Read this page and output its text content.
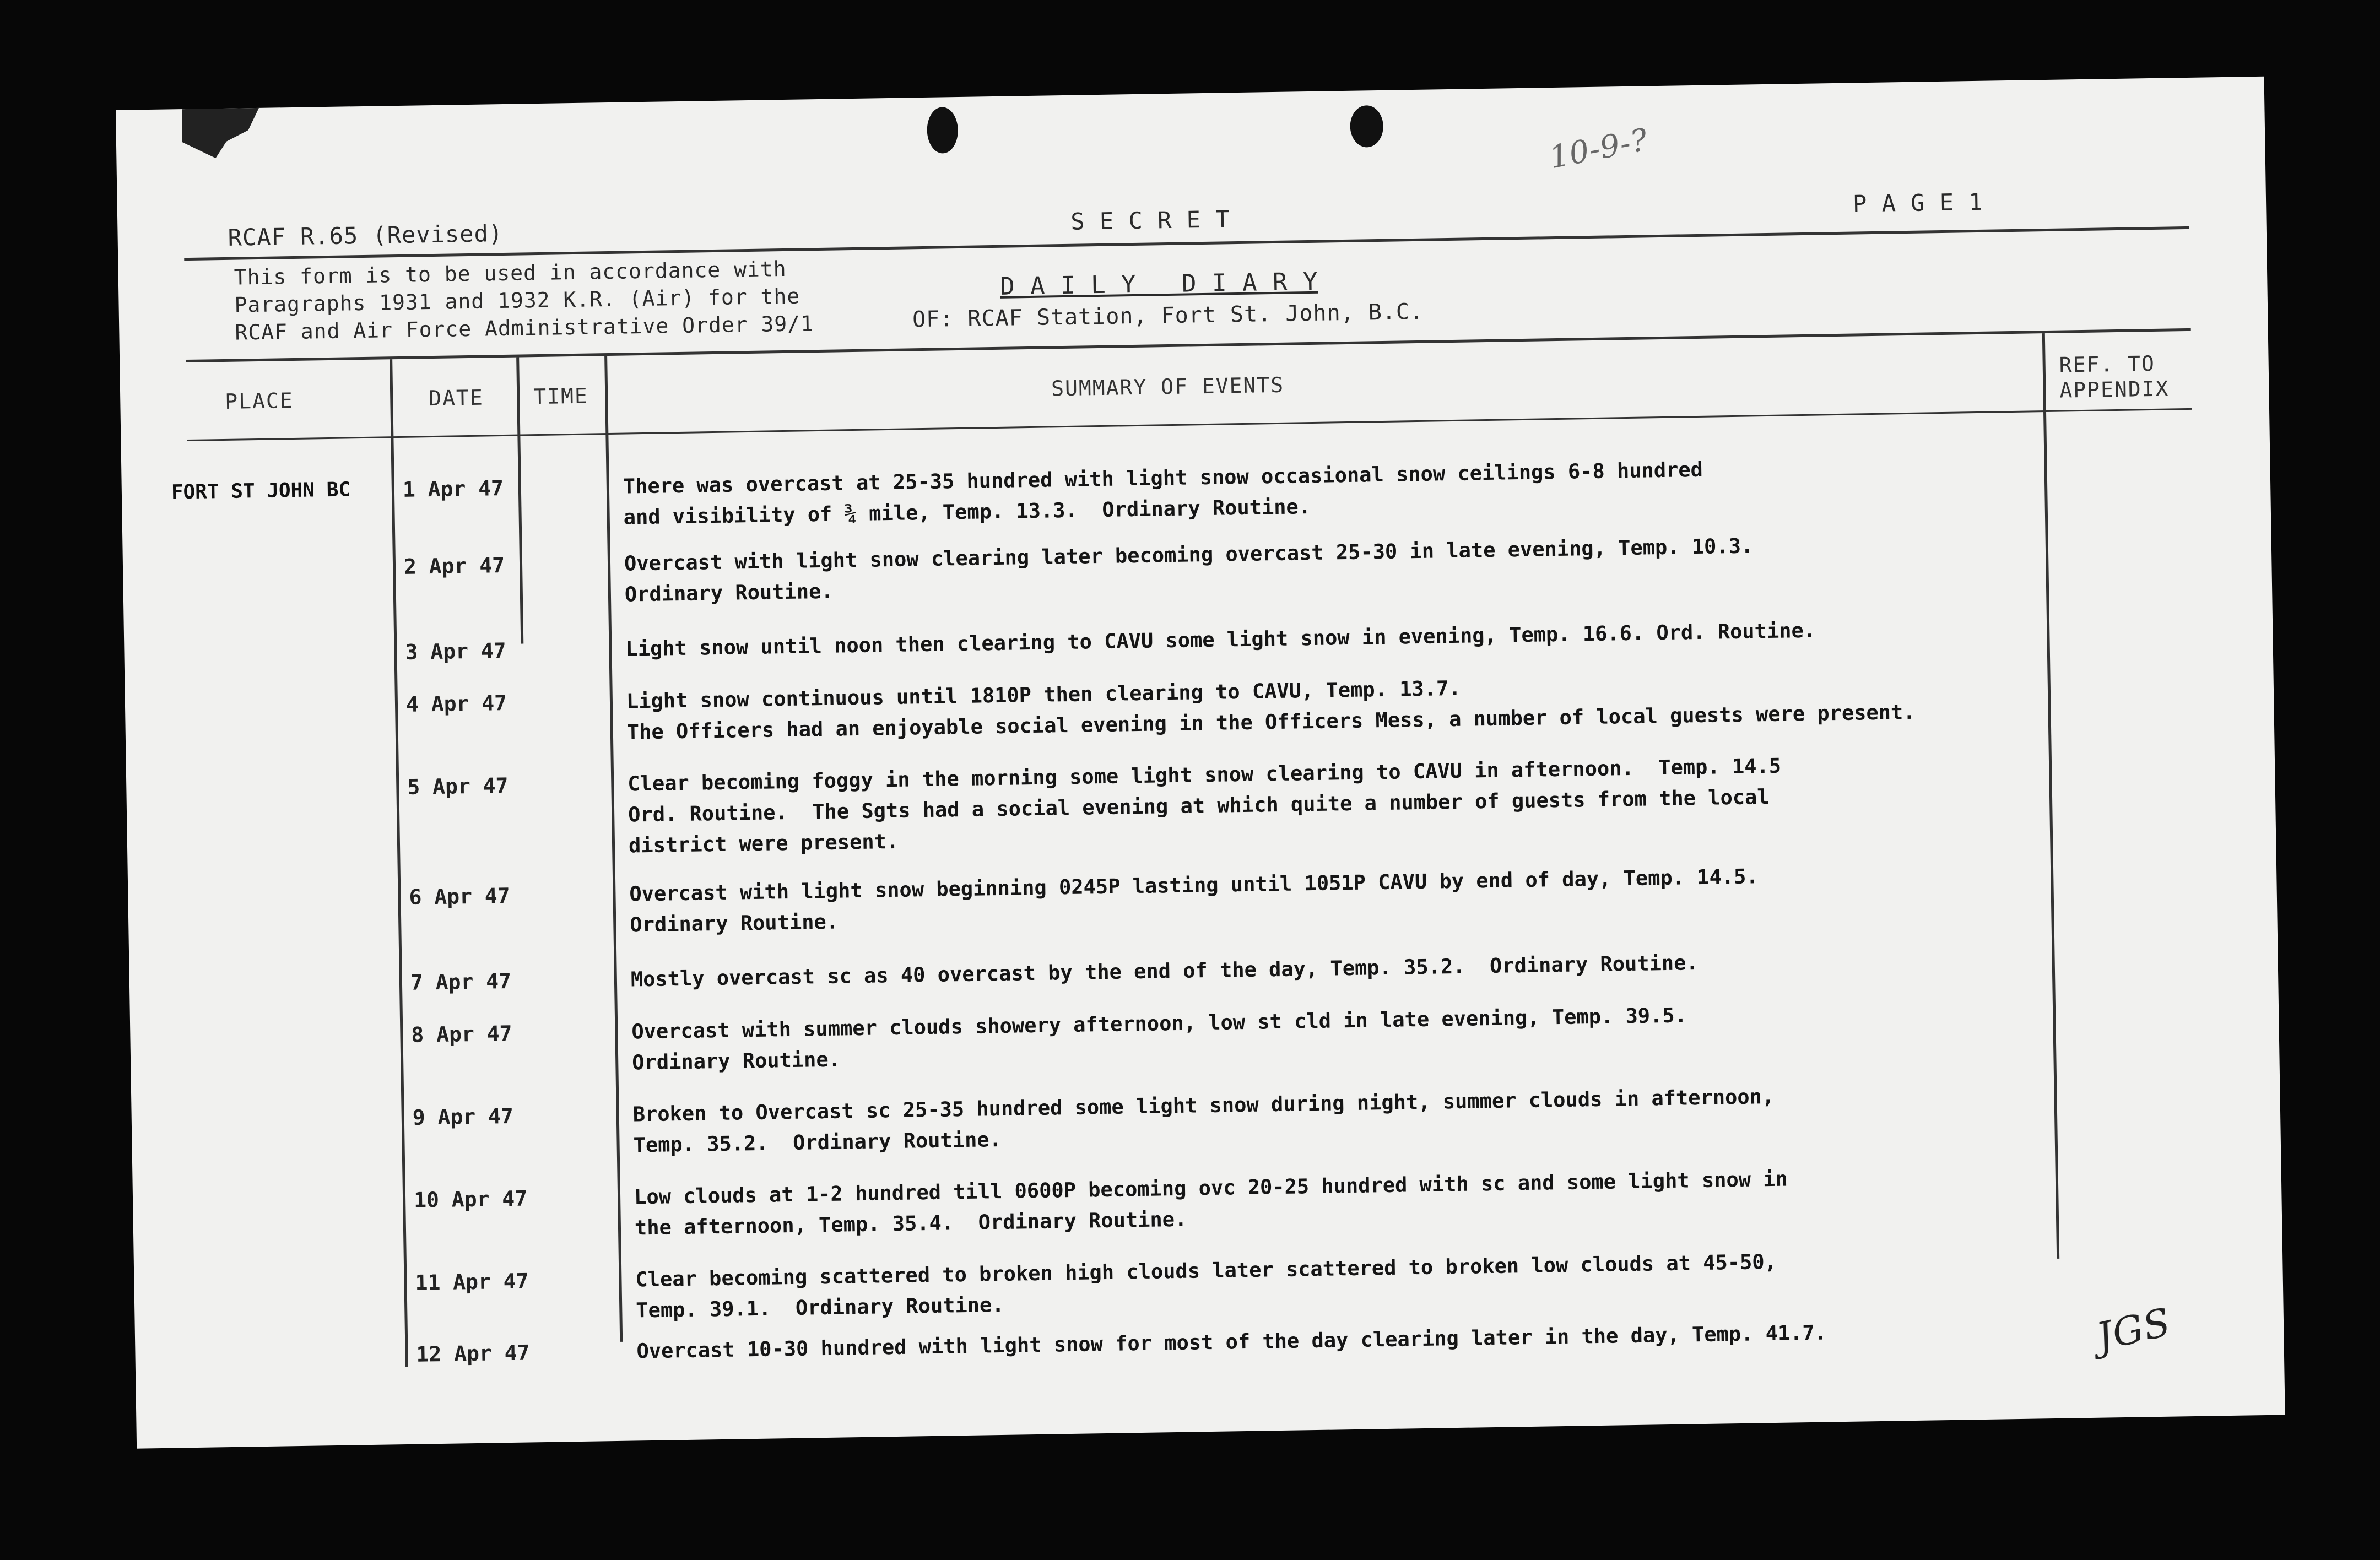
10-9-?
RCAF R.65 (Revised)	S E C R E T
P A G E 1
This form is to be used in accordance with
Paragraphs 1931 and 1932 K.R. (Air) for the
RCAF and Air Force Administrative Order 39/1
D A I L Y   D I A R Y
OF: RCAF Station, Fort St. John, B.C.
PLACE	DATE TIME	SUMMARY OF EVENTS
REF. TO
APPENDIX
FORT ST JOHN BC 1 Apr 47	There was overcast at 25-35 hundred with light snow occasional snow ceilings 6-8 hundred
and visibility of ¾ mile, Temp. 13.3.  Ordinary Routine.
2 Apr 47	Overcast with light snow clearing later becoming overcast 25-30 in late evening, Temp. 10.3.
Ordinary Routine.
3 Apr 47	Light snow until noon then clearing to CAVU some light snow in evening, Temp. 16.6. Ord. Routine.
4 Apr 47	Light snow continuous until 1810P then clearing to CAVU, Temp. 13.7.
The Officers had an enjoyable social evening in the Officers Mess, a number of local guests were present.
5 Apr 47	Clear becoming foggy in the morning some light snow clearing to CAVU in afternoon.  Temp. 14.5
Ord. Routine.  The Sgts had a social evening at which quite a number of guests from the local
district were present.
6 Apr 47	Overcast with light snow beginning 0245P lasting until 1051P CAVU by end of day, Temp. 14.5.
Ordinary Routine.
7 Apr 47	Mostly overcast sc as 40 overcast by the end of the day, Temp. 35.2.  Ordinary Routine.
8 Apr 47	Overcast with summer clouds showery afternoon, low st cld in late evening, Temp. 39.5.
Ordinary Routine.
9 Apr 47	Broken to Overcast sc 25-35 hundred some light snow during night, summer clouds in afternoon,
Temp. 35.2.  Ordinary Routine.
10 Apr 47	Low clouds at 1-2 hundred till 0600P becoming ovc 20-25 hundred with sc and some light snow in
the afternoon, Temp. 35.4.  Ordinary Routine.
11 Apr 47	Clear becoming scattered to broken high clouds later scattered to broken low clouds at 45-50,
Temp. 39.1.  Ordinary Routine.
12 Apr 47	Overcast 10-30 hundred with light snow for most of the day clearing later in the day, Temp. 41.7.	JGS
